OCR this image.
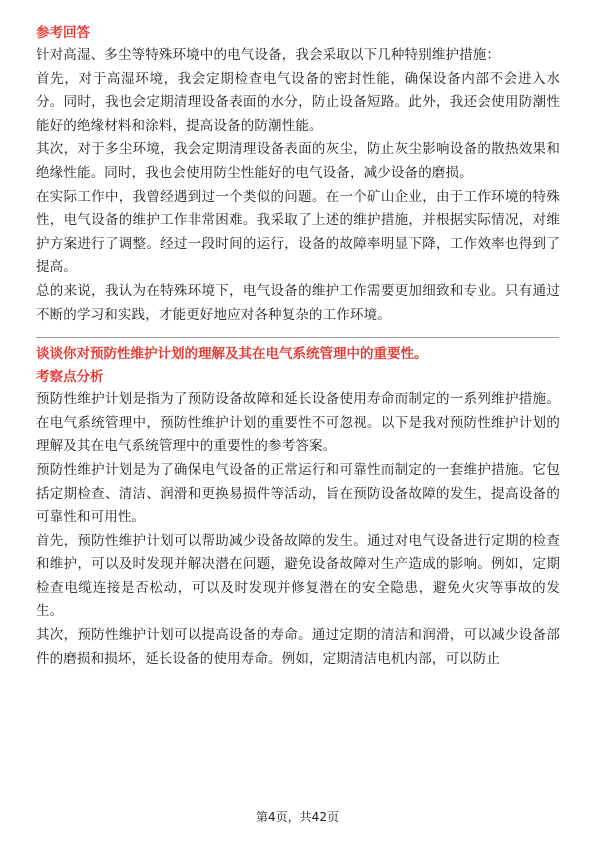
参考回答

针对高湿、多尘等特殊环境中的电气设备，我会采取以下几种特别维护措施：

首先，对于高湿环境，我会定期检查电气设备的密封性能，确保设备内部不会进入水分。同时，我也会定期清理设备表面的水分，防止设备短路。此外，我还会使用防潮性能好的绝缘材料和涂料，提高设备的防潮性能。

其次，对于多尘环境，我会定期清理设备表面的灰尘，防止灰尘影响设备的散热效果和绝缘性能。同时，我也会使用防尘性能好的电气设备，减少设备的磨损。

在实际工作中，我曾经遇到过一个类似的问题。在一个矿山企业，由于工作环境的特殊性，电气设备的维护工作非常困难。我采取了上述的维护措施，并根据实际情况，对维护方案进行了调整。经过一段时间的运行，设备的故障率明显下降，工作效率也得到了提高。

总的来说，我认为在特殊环境下，电气设备的维护工作需要更加细致和专业。只有通过不断的学习和实践，才能更好地应对各种复杂的工作环境。

谈谈你对预防性维护计划的理解及其在电气系统管理中的重要性。

考察点分析

预防性维护计划是指为了预防设备故障和延长设备使用寿命而制定的一系列维护措施。在电气系统管理中，预防性维护计划的重要性不可忽视。以下是我对预防性维护计划的理解及其在电气系统管理中的重要性的参考答案。

预防性维护计划是为了确保电气设备的正常运行和可靠性而制定的一套维护措施。它包括定期检查、清洁、润滑和更换易损件等活动，旨在预防设备故障的发生，提高设备的可靠性和可用性。

首先，预防性维护计划可以帮助减少设备故障的发生。通过对电气设备进行定期的检查和维护，可以及时发现并解决潜在问题，避免设备故障对生产造成的影响。例如，定期检查电缆连接是否松动，可以及时发现并修复潜在的安全隐患，避免火灾等事故的发生。

其次，预防性维护计划可以提高设备的寿命。通过定期的清洁和润滑，可以减少设备部件的磨损和损坏，延长设备的使用寿命。例如，定期清洁电机内部，可以防止

第4页，共42页
